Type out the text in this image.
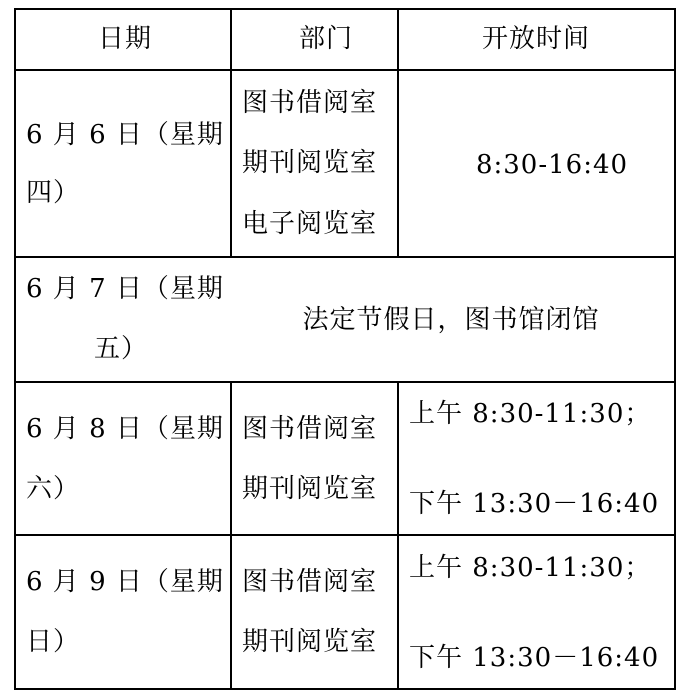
日期	部门	开放时间
6 月 6 日（星期
四）
图书借阅室
期刊阅览室
电子阅览室
8:30-16:40
6 月 7 日（星期
五）
法定节假日，图书馆闭馆
6 月 8 日（星期
六）
图书借阅室
期刊阅览室
上午 8:30-11:30；
下午 13:30－16:40
6 月 9 日（星期
日）
图书借阅室
期刊阅览室
上午 8:30-11:30；
下午 13:30－16:40
